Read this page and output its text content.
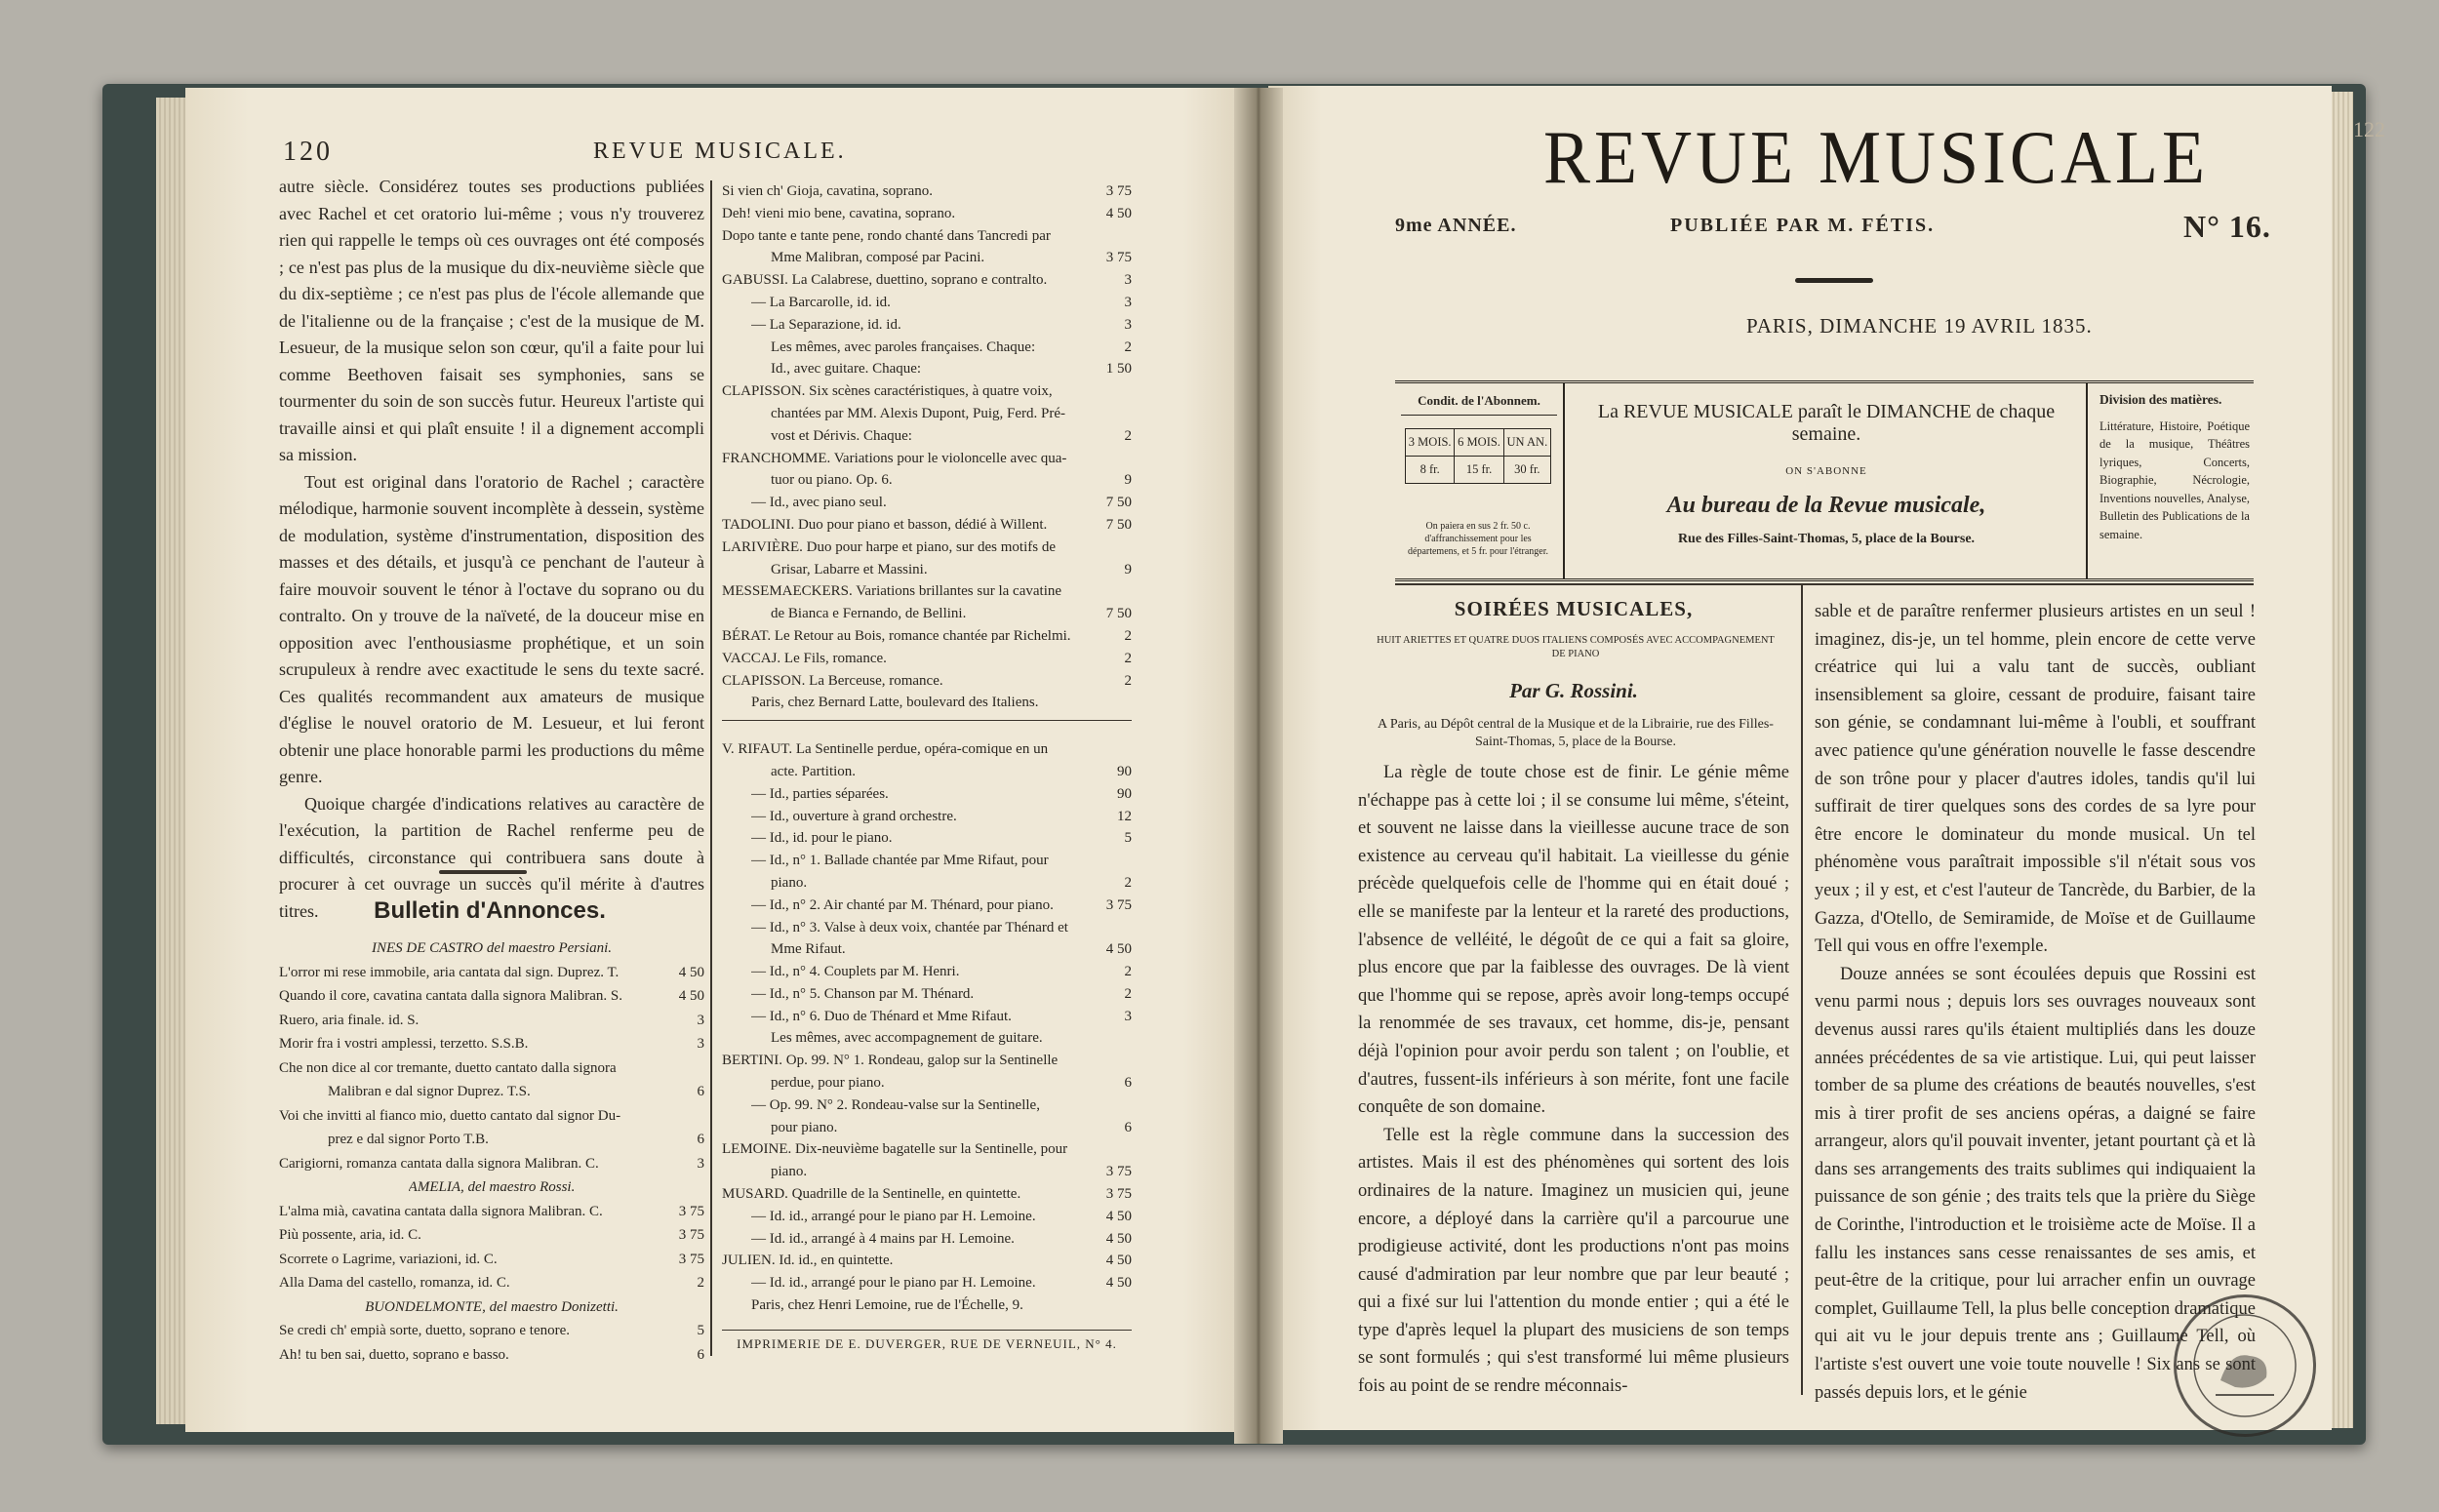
120	REVUE MUSICALE.

autre siècle. Considérez toutes ses productions publiées avec Rachel et cet oratorio lui-même ; vous n'y trouverez rien qui rappelle le temps où ces ouvrages ont été composés ; ce n'est pas plus de la musique du dix-neuvième siècle que du dix-septième ; ce n'est pas plus de l'école allemande que de l'italienne ou de la française ; c'est de la musique de M. Lesueur, de la musique selon son cœur, qu'il a faite pour lui comme Beethoven faisait ses symphonies, sans se tourmenter du soin de son succès futur. Heureux l'artiste qui travaille ainsi et qui plaît ensuite ! il a dignement accompli sa mission.

Tout est original dans l'oratorio de Rachel ; caractère mélodique, harmonie souvent incomplète à dessein, système de modulation, système d'instrumentation, disposition des masses et des détails, et jusqu'à ce penchant de l'auteur à faire mouvoir souvent le ténor à l'octave du soprano ou du contralto. On y trouve de la naïveté, de la douceur mise en opposition avec l'enthousiasme prophétique, et un soin scrupuleux à rendre avec exactitude le sens du texte sacré. Ces qualités recommandent aux amateurs de musique d'église le nouvel oratorio de M. Lesueur, et lui feront obtenir une place honorable parmi les productions du même genre.

Quoique chargée d'indications relatives au caractère de l'exécution, la partition de Rachel renferme peu de difficultés, circonstance qui contribuera sans doute à procurer à cet ouvrage un succès qu'il mérite à d'autres titres.	Bulletin d'Annonces.
INES DE CASTRO del maestro Persiani.
L'orror mi rese immobile, aria cantata dal sign. Duprez. T.	4 50
Quando il core, cavatina cantata dalla signora Malibran. S.	4 50
Ruero, aria finale. id. S.	3
Morir fra i vostri amplessi, terzetto. S.S.B.	3
Che non dice al cor tremante, duetto cantato dalla signora
Malibran e dal signor Duprez. T.S.	6
Voi che invitti al fianco mio, duetto cantato dal signor Du-
prez e dal signor Porto T.B.	6
Carigiorni, romanza cantata dalla signora Malibran. C.	3
AMELIA, del maestro Rossi.
L'alma mià, cavatina cantata dalla signora Malibran. C.	3 75
Più possente, aria, id. C.	3 75
Scorrete o Lagrime, variazioni, id. C.	3 75
Alla Dama del castello, romanza, id. C.	2
BUONDELMONTE, del maestro Donizetti.
Se credi ch' empià sorte, duetto, soprano e tenore.	5
Ah! tu ben sai, duetto, soprano e basso.	6
Si vien ch' Gioja, cavatina, soprano.	3 75
Deh! vieni mio bene, cavatina, soprano.	4 50
Dopo tante e tante pene, rondo chanté dans Tancredi par
Mme Malibran, composé par Pacini.	3 75
GABUSSI. La Calabrese, duettino, soprano e contralto.	3
— La Barcarolle, id. id.	3
— La Separazione, id. id.	3
Les mêmes, avec paroles françaises. Chaque:	2
Id., avec guitare. Chaque:	1 50
CLAPISSON. Six scènes caractéristiques, à quatre voix,
chantées par MM. Alexis Dupont, Puig, Ferd. Pré-
vost et Dérivis. Chaque:	2
FRANCHOMME. Variations pour le violoncelle avec qua-
tuor ou piano. Op. 6.	9
— Id., avec piano seul.	7 50
TADOLINI. Duo pour piano et basson, dédié à Willent.	7 50
LARIVIÈRE. Duo pour harpe et piano, sur des motifs de
Grisar, Labarre et Massini.	9
MESSEMAECKERS. Variations brillantes sur la cavatine
de Bianca e Fernando, de Bellini.	7 50
BÉRAT. Le Retour au Bois, romance chantée par Richelmi.	2
VACCAJ. Le Fils, romance.	2
CLAPISSON. La Berceuse, romance.	2
Paris, chez Bernard Latte, boulevard des Italiens.
V. RIFAUT. La Sentinelle perdue, opéra-comique en un
acte. Partition.	90
— Id., parties séparées.	90
— Id., ouverture à grand orchestre.	12
— Id., id. pour le piano.	5
— Id., n° 1. Ballade chantée par Mme Rifaut, pour
piano.	2
— Id., n° 2. Air chanté par M. Thénard, pour piano.	3 75
— Id., n° 3. Valse à deux voix, chantée par Thénard et
Mme Rifaut.	4 50
— Id., n° 4. Couplets par M. Henri.	2
— Id., n° 5. Chanson par M. Thénard.	2
— Id., n° 6. Duo de Thénard et Mme Rifaut.	3
Les mêmes, avec accompagnement de guitare.
BERTINI. Op. 99. N° 1. Rondeau, galop sur la Sentinelle
perdue, pour piano.	6
— Op. 99. N° 2. Rondeau-valse sur la Sentinelle,
pour piano.	6
LEMOINE. Dix-neuvième bagatelle sur la Sentinelle, pour
piano.	3 75
MUSARD. Quadrille de la Sentinelle, en quintette.	3 75
— Id. id., arrangé pour le piano par H. Lemoine.	4 50
— Id. id., arrangé à 4 mains par H. Lemoine.	4 50
JULIEN. Id. id., en quintette.	4 50
— Id. id., arrangé pour le piano par H. Lemoine.	4 50
Paris, chez Henri Lemoine, rue de l'Échelle, 9.
IMPRIMERIE DE E. DUVERGER, RUE DE VERNEUIL, N° 4.
REVUE MUSICALE
9me ANNÉE.	PUBLIÉE PAR M. FÉTIS.	N° 16.
PARIS, DIMANCHE 19 AVRIL 1835.
Condit. de l'Abonnem.
3 MOIS.	6 MOIS.	UN AN.
8 fr.	15 fr.	30 fr.
On paiera en sus 2 fr. 50 c. d'affranchissement pour les départemens, et 5 fr. pour l'étranger.
La REVUE MUSICALE paraît le DIMANCHE de chaque semaine.
ON S'ABONNE
Au bureau de la Revue musicale,
Rue des Filles-Saint-Thomas, 5, place de la Bourse.
Division des matières.
Littérature, Histoire, Poétique de la musique, Théâtres lyriques, Concerts, Biographie, Nécrologie, Inventions nouvelles, Analyse, Bulletin des Publications de la semaine.
SOIRÉES MUSICALES,
HUIT ARIETTES ET QUATRE DUOS ITALIENS COMPOSÉS AVEC ACCOMPAGNEMENT DE PIANO
Par G. Rossini.
A Paris, au Dépôt central de la Musique et de la Librairie, rue des Filles-Saint-Thomas, 5, place de la Bourse.

La règle de toute chose est de finir. Le génie même n'échappe pas à cette loi ; il se consume lui même, s'éteint, et souvent ne laisse dans la vieillesse aucune trace de son existence au cerveau qu'il habitait. La vieillesse du génie précède quelquefois celle de l'homme qui en était doué ; elle se manifeste par la lenteur et la rareté des productions, l'absence de velléité, le dégoût de ce qui a fait sa gloire, plus encore que par la faiblesse des ouvrages. De là vient que l'homme qui se repose, après avoir long-temps occupé la renommée de ses travaux, cet homme, dis-je, pensant déjà l'opinion pour avoir perdu son talent ; on l'oublie, et d'autres, fussent-ils inférieurs à son mérite, font une facile conquête de son domaine.

Telle est la règle commune dans la succession des artistes. Mais il est des phénomènes qui sortent des lois ordinaires de la nature. Imaginez un musicien qui, jeune encore, a déployé dans la carrière qu'il a parcourue une prodigieuse activité, dont les productions n'ont pas moins causé d'admiration par leur nombre que par leur beauté ; qui a fixé sur lui l'attention du monde entier ; qui a été le type d'après lequel la plupart des musiciens de son temps se sont formulés ; qui s'est transformé lui même plusieurs fois au point de se rendre méconnais-

sable et de paraître renfermer plusieurs artistes en un seul ! imaginez, dis-je, un tel homme, plein encore de cette verve créatrice qui lui a valu tant de succès, oubliant insensiblement sa gloire, cessant de produire, faisant taire son génie, se condamnant lui-même à l'oubli, et souffrant avec patience qu'une génération nouvelle le fasse descendre de son trône pour y placer d'autres idoles, tandis qu'il lui suffirait de tirer quelques sons des cordes de sa lyre pour être encore le dominateur du monde musical. Un tel phénomène vous paraîtrait impossible s'il n'était sous vos yeux ; il y est, et c'est l'auteur de Tancrède, du Barbier, de la Gazza, d'Otello, de Semiramide, de Moïse et de Guillaume Tell qui vous en offre l'exemple.

Douze années se sont écoulées depuis que Rossini est venu parmi nous ; depuis lors ses ouvrages nouveaux sont devenus aussi rares qu'ils étaient multipliés dans les douze années précédentes de sa vie artistique. Lui, qui peut laisser tomber de sa plume des créations de beautés nouvelles, s'est mis à tirer profit de ses anciens opéras, a daigné se faire arrangeur, alors qu'il pouvait inventer, jetant pourtant çà et là dans ses arrangements des traits sublimes qui indiquaient la puissance de son génie ; des traits tels que la prière du Siège de Corinthe, l'introduction et le troisième acte de Moïse. Il a fallu les instances sans cesse renaissantes de ses amis, et peut-être de la critique, pour lui arracher enfin un ouvrage complet, Guillaume Tell, la plus belle conception dramatique qui ait vu le jour depuis trente ans ; Guillaume Tell, où l'artiste s'est ouvert une voie toute nouvelle ! Six ans se sont passés depuis lors, et le génie

122
